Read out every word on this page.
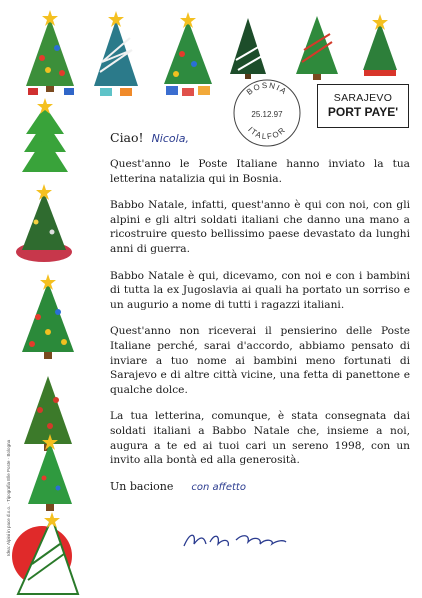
BOSNIA
25.12.97
ITALFOR
SARAJEVO
PORT PAYE'

Ciao! Nicola,

Quest'anno le Poste Italiane hanno inviato la tua letterina natalizia qui in Bosnia.

Babbo Natale, infatti, quest'anno è qui con noi, con gli alpini e gli altri soldati italiani che danno una mano a ricostruire questo bellissimo paese devastato da lunghi anni di guerra.

Babbo Natale è qui, dicevamo, con noi e con i bambini di tutta la ex Jugoslavia ai quali ha portato un sorriso e un augurio a nome di tutti i ragazzi italiani.

Quest'anno non riceverai il pensierino delle Poste Italiane perché, sarai d'accordo, abbiamo pensato di inviare a tuo nome ai bambini meno fortunati di Sarajevo e di altre città vicine, una fetta di panettone e qualche dolce.

La tua letterina, comunque, è stata consegnata dai soldati italiani a Babbo Natale che, insieme a noi, augura a te ed ai tuoi cari un sereno 1998, con un invito alla bontà ed alla generosità.

Un bacione con affetto

Idea: Alpini in pace d.o.o. · Tipografia Elle Poste · Bologna
